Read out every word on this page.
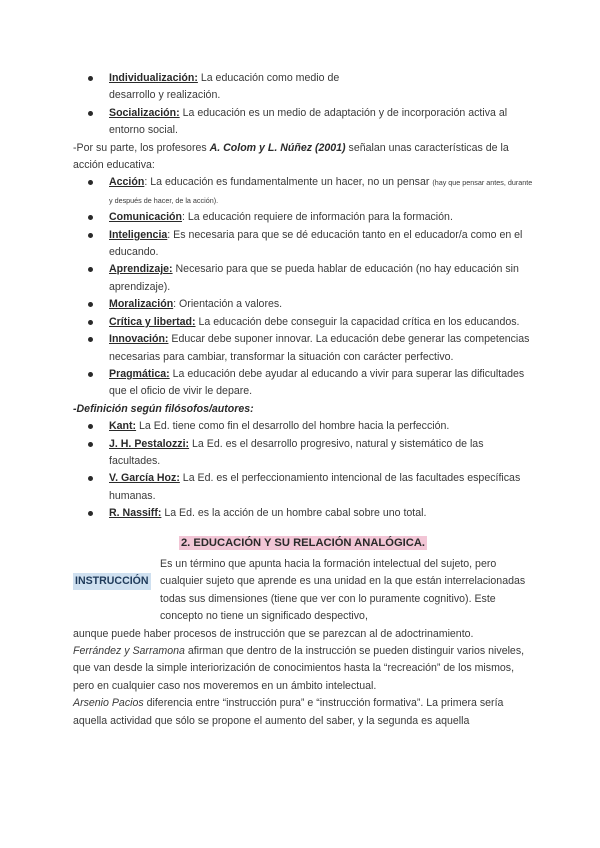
Individualización: La educación como medio de desarrollo y realización.
Socialización: La educación es un medio de adaptación y de incorporación activa al entorno social.

-Por su parte, los profesores A. Colom y L. Núñez (2001) señalan unas características de la acción educativa:

Acción: La educación es fundamentalmente un hacer, no un pensar (hay que pensar antes, durante y después de hacer, de la acción).
Comunicación: La educación requiere de información para la formación.
Inteligencia: Es necesaria para que se dé educación tanto en el educador/a como en el educando.
Aprendizaje: Necesario para que se pueda hablar de educación (no hay educación sin aprendizaje).
Moralización: Orientación a valores.
Crítica y libertad: La educación debe conseguir la capacidad crítica en los educandos.
Innovación: Educar debe suponer innovar. La educación debe generar las competencias necesarias para cambiar, transformar la situación con carácter perfectivo.
Pragmática: La educación debe ayudar al educando a vivir para superar las dificultades que el oficio de vivir le depare.

-Definición según filósofos/autores:

Kant: La Ed. tiene como fin el desarrollo del hombre hacia la perfección.
J. H. Pestalozzi: La Ed. es el desarrollo progresivo, natural y sistemático de las facultades.
V. García Hoz: La Ed. es el perfeccionamiento intencional de las facultades específicas humanas.
R. Nassiff: La Ed. es la acción de un hombre cabal sobre uno total.
2. EDUCACIÓN Y SU RELACIÓN ANALÓGICA.
INSTRUCCIÓN
Es un término que apunta hacia la formación intelectual del sujeto, pero cualquier sujeto que aprende es una unidad en la que están interrelacionadas todas sus dimensiones (tiene que ver con lo puramente cognitivo). Este concepto no tiene un significado despectivo,

aunque puede haber procesos de instrucción que se parezcan al de adoctrinamiento.

Ferrández y Sarramona afirman que dentro de la instrucción se pueden distinguir varios niveles, que van desde la simple interiorización de conocimientos hasta la “recreación” de los mismos, pero en cualquier caso nos moveremos en un ámbito intelectual.

Arsenio Pacios diferencia entre “instrucción pura” e “instrucción formativa”. La primera sería aquella actividad que sólo se propone el aumento del saber, y la segunda es aquella
